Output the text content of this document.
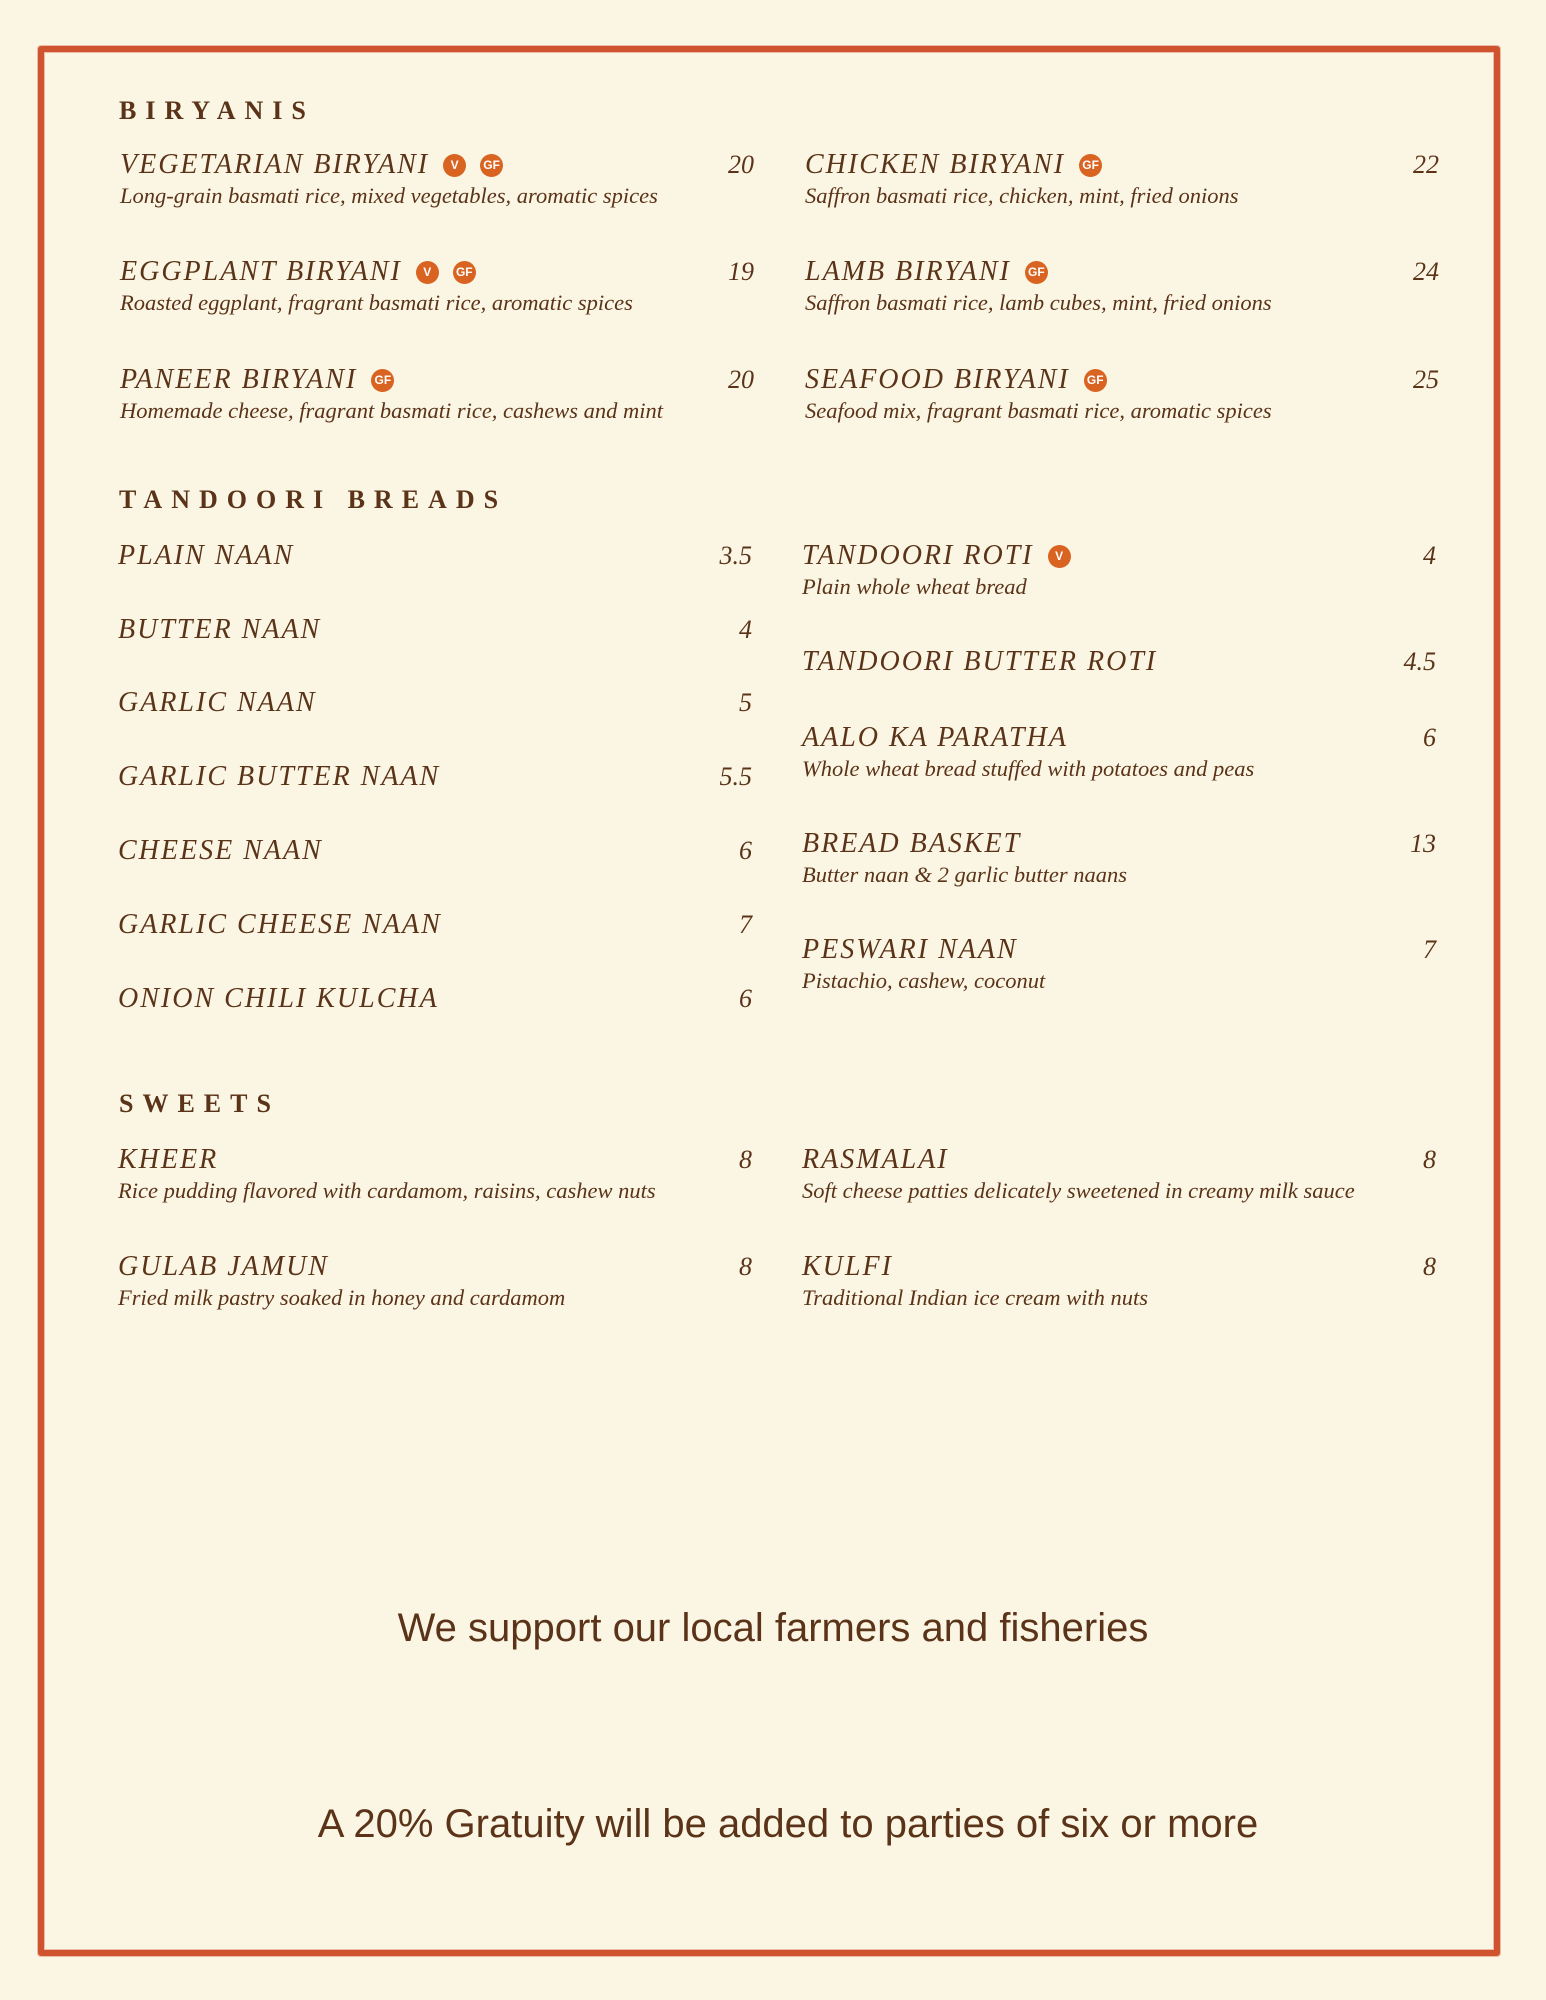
BIRYANIS
VEGETARIAN BIRYANI	V	GF	20
Long-grain basmati rice, mixed vegetables, aromatic spices
EGGPLANT BIRYANI	V	GF	19
Roasted eggplant, fragrant basmati rice, aromatic spices
PANEER BIRYANI GF	20
Homemade cheese, fragrant basmati rice, cashews and mint
CHICKEN BIRYANI GF	22
Saffron basmati rice, chicken, mint, fried onions
LAMB BIRYANI GF	24
Saffron basmati rice, lamb cubes, mint, fried onions
SEAFOOD BIRYANI GF	25
Seafood mix, fragrant basmati rice, aromatic spices
TANDOORI BREADS
PLAIN NAAN	3.5
BUTTER NAAN	4
GARLIC NAAN	5
GARLIC BUTTER NAAN	5.5
CHEESE NAAN	6
GARLIC CHEESE NAAN	7
ONION CHILI KULCHA	6
TANDOORI ROTI	V	4
Plain whole wheat bread
TANDOORI BUTTER ROTI	4.5
AALO KA PARATHA	6
Whole wheat bread stuffed with potatoes and peas
BREAD BASKET	13
Butter naan & 2 garlic butter naans
PESWARI NAAN	7
Pistachio, cashew, coconut
SWEETS
KHEER	8
Rice pudding flavored with cardamom, raisins, cashew nuts
GULAB JAMUN	8
Fried milk pastry soaked in honey and cardamom
RASMALAI	8
Soft cheese patties delicately sweetened in creamy milk sauce
KULFI	8
Traditional Indian ice cream with nuts
We support our local farmers and fisheries
A 20% Gratuity will be added to parties of six or more
